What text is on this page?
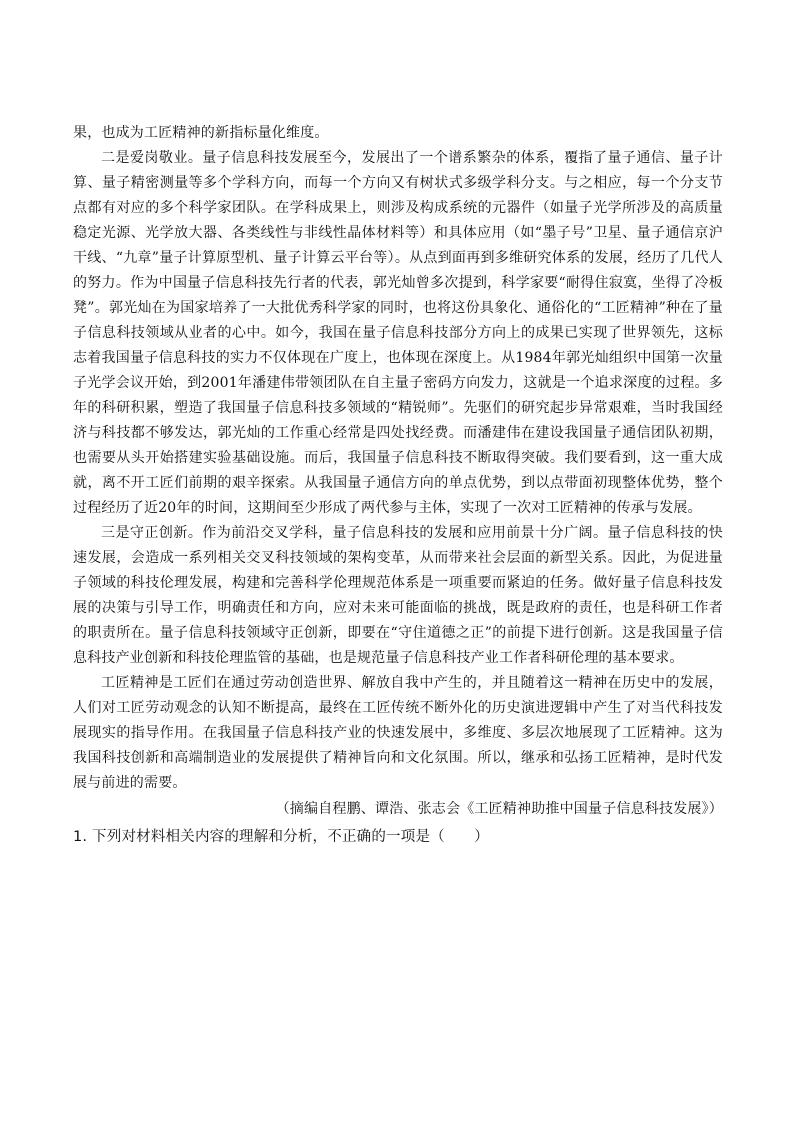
果，也成为工匠精神的新指标量化维度。

二是爱岗敬业。量子信息科技发展至今，发展出了一个谱系繁杂的体系，覆指了量子通信、量子计算、量子精密测量等多个学科方向，而每一个方向又有树状式多级学科分支。与之相应，每一个分支节点都有对应的多个科学家团队。在学科成果上，则涉及构成系统的元器件（如量子光学所涉及的高质量稳定光源、光学放大器、各类线性与非线性晶体材料等）和具体应用（如“墨子号”卫星、量子通信京沪干线、“九章”量子计算原型机、量子计算云平台等）。从点到面再到多维研究体系的发展，经历了几代人的努力。作为中国量子信息科技先行者的代表，郭光灿曾多次提到，科学家要“耐得住寂寞，坐得了冷板凳”。郭光灿在为国家培养了一大批优秀科学家的同时，也将这份具象化、通俗化的“工匠精神”种在了量子信息科技领域从业者的心中。如今，我国在量子信息科技部分方向上的成果已实现了世界领先，这标志着我国量子信息科技的实力不仅体现在广度上，也体现在深度上。从1984年郭光灿组织中国第一次量子光学会议开始，到2001年潘建伟带领团队在自主量子密码方向发力，这就是一个追求深度的过程。多年的科研积累，塑造了我国量子信息科技多领域的“精锐师”。先驱们的研究起步异常艰难，当时我国经济与科技都不够发达，郭光灿的工作重心经常是四处找经费。而潘建伟在建设我国量子通信团队初期，也需要从头开始搭建实验基础设施。而后，我国量子信息科技不断取得突破。我们要看到，这一重大成就，离不开工匠们前期的艰辛探索。从我国量子通信方向的单点优势，到以点带面初现整体优势，整个过程经历了近20年的时间，这期间至少形成了两代参与主体，实现了一次对工匠精神的传承与发展。

三是守正创新。作为前沿交叉学科，量子信息科技的发展和应用前景十分广阔。量子信息科技的快速发展，会造成一系列相关交叉科技领域的架构变革，从而带来社会层面的新型关系。因此，为促进量子领域的科技伦理发展，构建和完善科学伦理规范体系是一项重要而紧迫的任务。做好量子信息科技发展的决策与引导工作，明确责任和方向，应对未来可能面临的挑战，既是政府的责任，也是科研工作者的职责所在。量子信息科技领域守正创新，即要在“守住道德之正”的前提下进行创新。这是我国量子信息科技产业创新和科技伦理监管的基础，也是规范量子信息科技产业工作者科研伦理的基本要求。

工匠精神是工匠们在通过劳动创造世界、解放自我中产生的，并且随着这一精神在历史中的发展，人们对工匠劳动观念的认知不断提高，最终在工匠传统不断外化的历史演进逻辑中产生了对当代科技发展现实的指导作用。在我国量子信息科技产业的快速发展中，多维度、多层次地展现了工匠精神。这为我国科技创新和高端制造业的发展提供了精神旨向和文化氛围。所以，继承和弘扬工匠精神，是时代发展与前进的需要。

（摘编自程鹏、谭浩、张志会《工匠精神助推中国量子信息科技发展》）

1. 下列对材料相关内容的理解和分析，不正确的一项是（　　）
